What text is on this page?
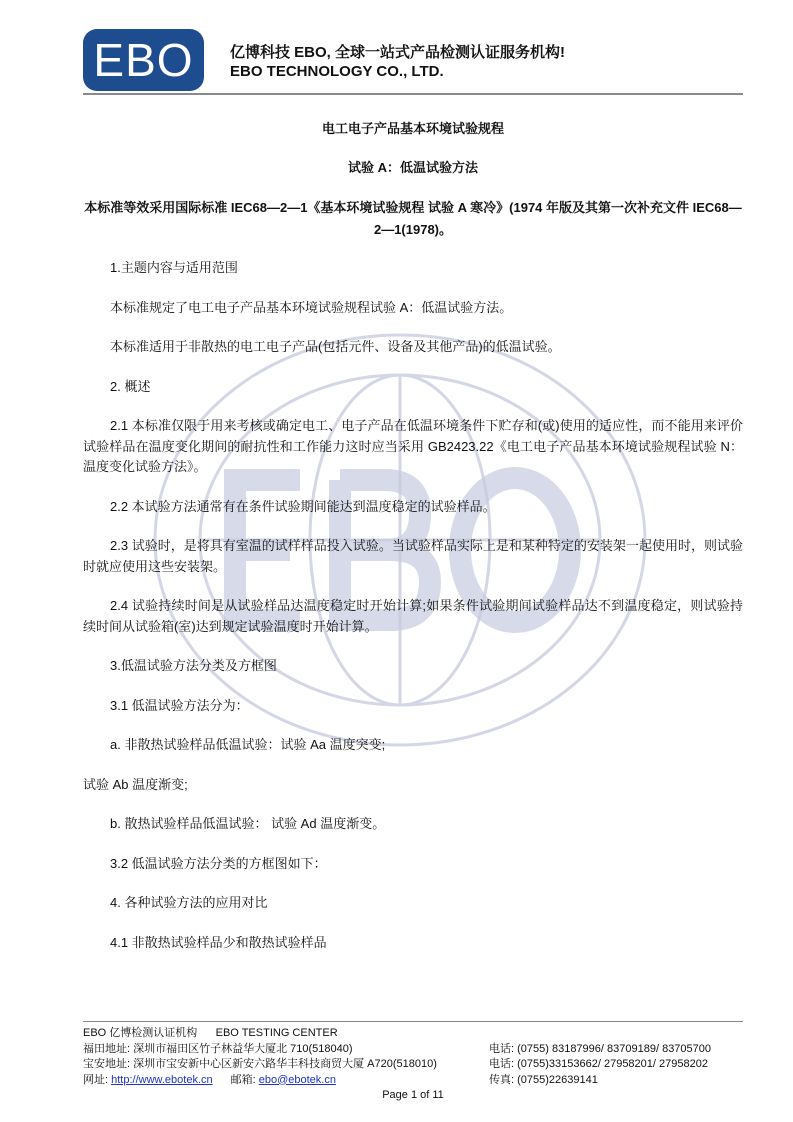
EBO	亿博科技 EBO, 全球一站式产品检测认证服务机构!
EBO TECHNOLOGY CO., LTD.
电工电子产品基本环境试验规程
试验 A：低温试验方法
本标准等效采用国际标准 IEC68—2—1《基本环境试验规程 试验 A 寒冷》(1974 年版及其第一次补充文件 IEC68—2—1(1978)。
1.主题内容与适用范围
本标准规定了电工电子产品基本环境试验规程试验 A：低温试验方法。
本标准适用于非散热的电工电子产品(包括元件、设备及其他产品)的低温试验。
2. 概述
2.1 本标准仅限于用来考核或确定电工、电子产品在低温环境条件下贮存和(或)使用的适应性，而不能用来评价试验样品在温度变化期间的耐抗性和工作能力这时应当采用 GB2423.22《电工电子产品基本环境试验规程试验 N：温度变化试验方法》。
2.2 本试验方法通常有在条件试验期间能达到温度稳定的试验样品。
2.3 试验时，是将具有室温的试样样品投入试验。当试验样品实际上是和某种特定的安装架一起使用时，则试验时就应使用这些安装架。
2.4 试验持续时间是从试验样品达温度稳定时开始计算;如果条件试验期间试验样品达不到温度稳定，则试验持续时间从试验箱(室)达到规定试验温度时开始计算。
3.低温试验方法分类及方框图
3.1 低温试验方法分为：
a. 非散热试验样品低温试验：试验 Aa 温度突变;
试验 Ab 温度渐变;
b. 散热试验样品低温试验： 试验 Ad 温度渐变。
3.2 低温试验方法分类的方框图如下：
4. 各种试验方法的应用对比
4.1 非散热试验样品少和散热试验样品
EBO 亿博检测认证机构      EBO TESTING CENTER
福田地址: 深圳市福田区竹子林益华大厦北 710(518040)	电话: (0755) 83187996/ 83709189/ 83705700
宝安地址: 深圳市宝安新中心区新安六路华丰科技商贸大厦 A720(518010)	电话: (0755)33153662/ 27958201/ 27958202
网址: http://www.ebotek.cn 邮箱: ebo@ebotek.cn	传真: (0755)22639141
Page 1 of 11
